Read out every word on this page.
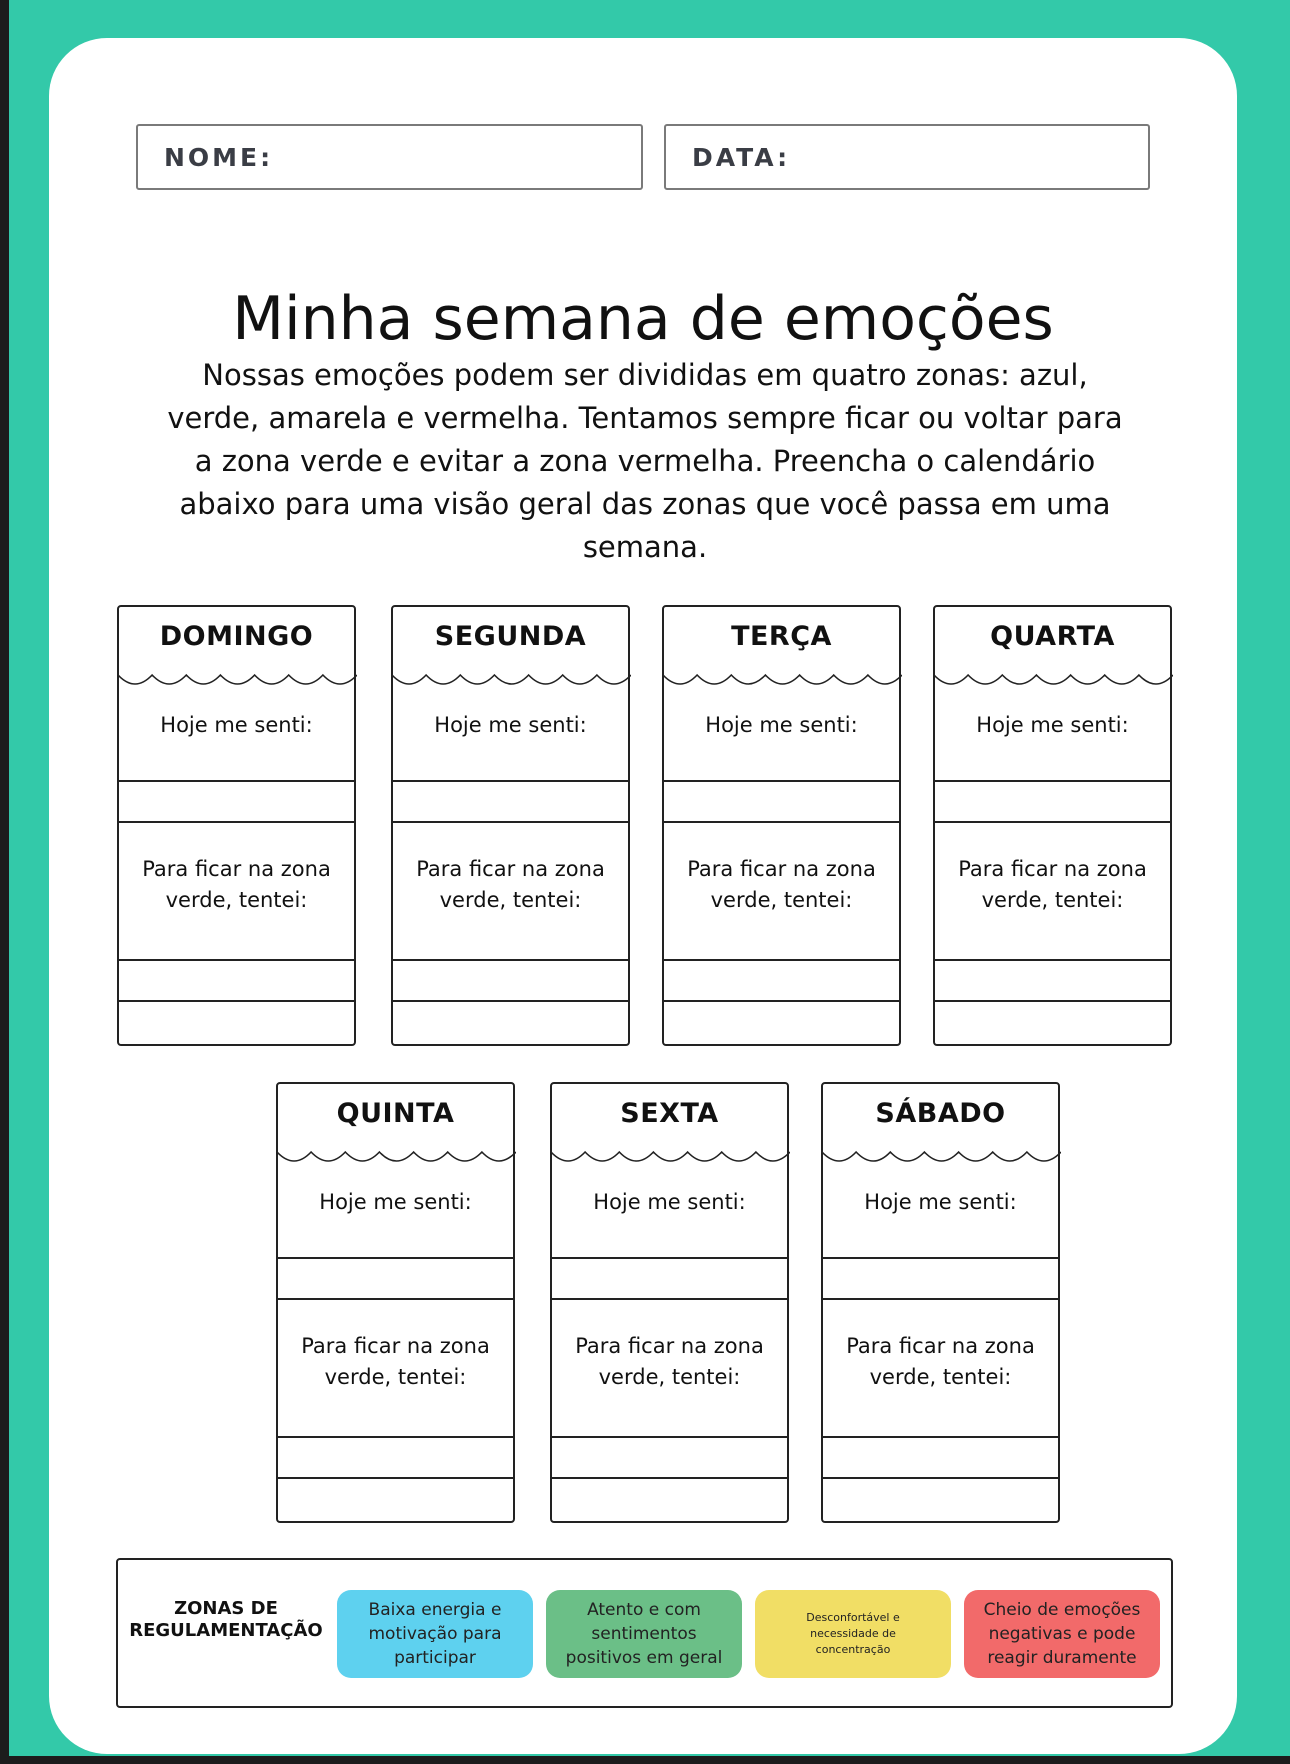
NOME:	DATA:
Minha semana de emoções
Nossas emoções podem ser divididas em quatro zonas: azul,
verde, amarela e vermelha. Tentamos sempre ficar ou voltar para
a zona verde e evitar a zona vermelha. Preencha o calendário
abaixo para uma visão geral das zonas que você passa em uma
semana.
DOMINGO
Hoje me senti:
Para ficar na zona
verde, tentei:
SEGUNDA
Hoje me senti:
Para ficar na zona
verde, tentei:
TERÇA
Hoje me senti:
Para ficar na zona
verde, tentei:
QUARTA
Hoje me senti:
Para ficar na zona
verde, tentei:
QUINTA
Hoje me senti:
Para ficar na zona
verde, tentei:
SEXTA
Hoje me senti:
Para ficar na zona
verde, tentei:
SÁBADO
Hoje me senti:
Para ficar na zona
verde, tentei:
ZONAS DE
REGULAMENTAÇÃO
Baixa energia e
motivação para
participar
Atento e com
sentimentos
positivos em geral
Desconfortável e
necessidade de
concentração
Cheio de emoções
negativas e pode
reagir duramente
